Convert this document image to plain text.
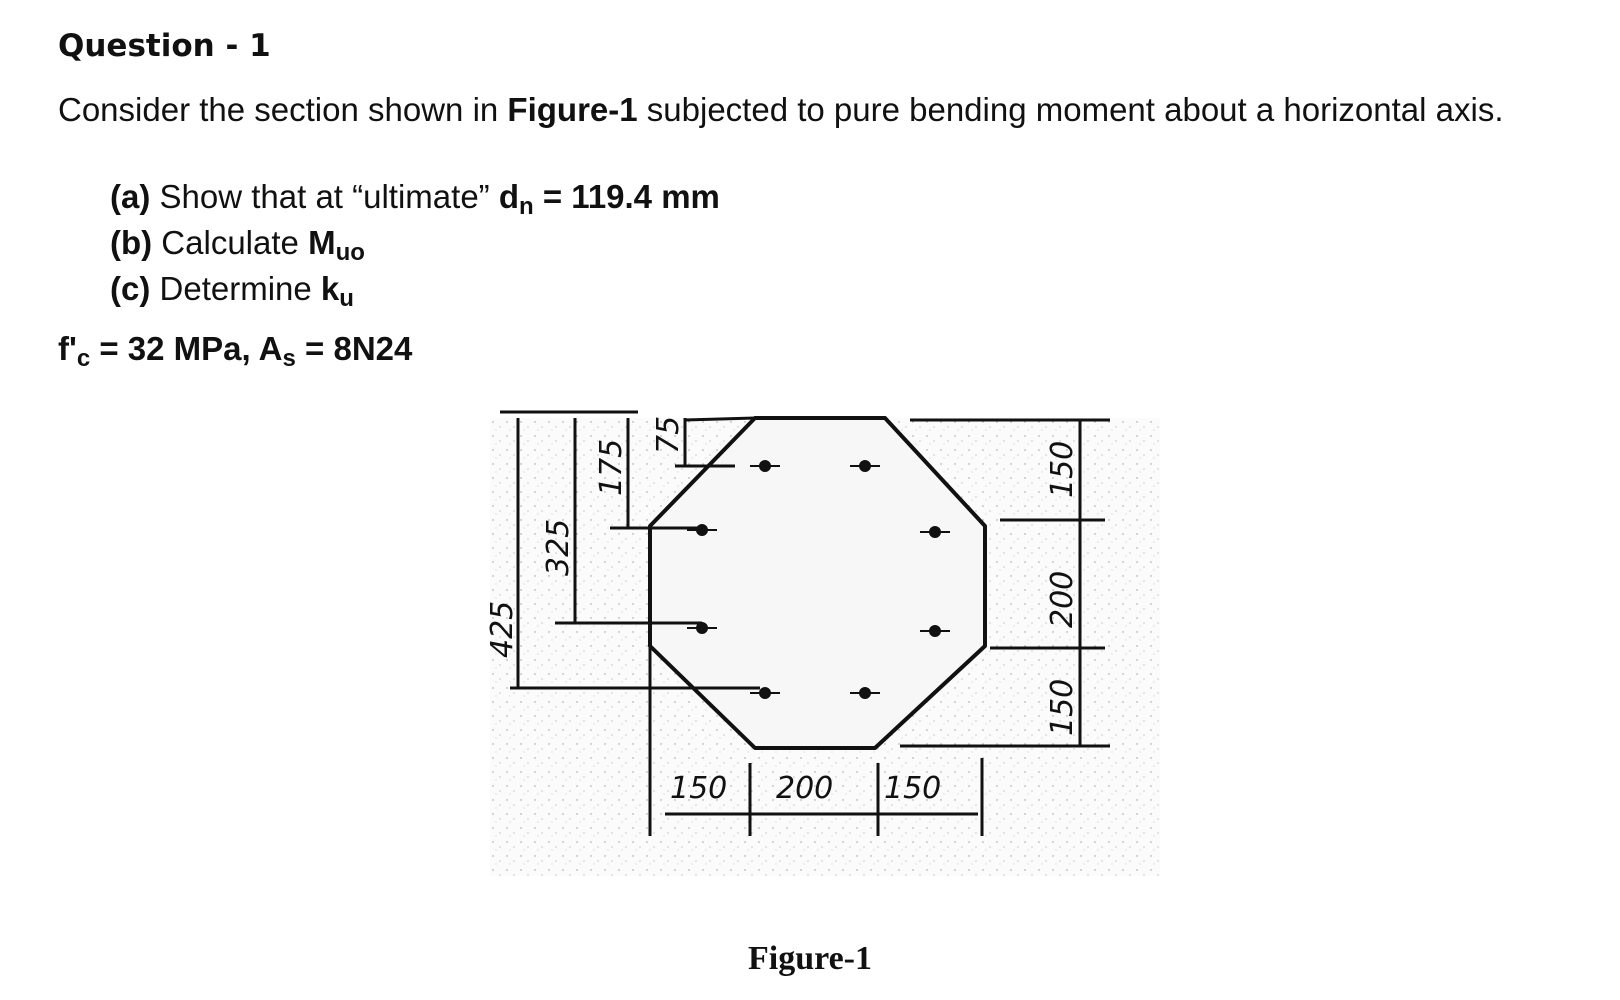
Question - 1
Consider the section shown in Figure-1 subjected to pure bending moment about a horizontal axis.
(a) Show that at “ultimate” dn = 119.4 mm
(b) Calculate Muo
(c) Determine ku
f'c = 32 MPa, As = 8N24
425
325
175
75
150
200
150
150 200 150
Figure-1
